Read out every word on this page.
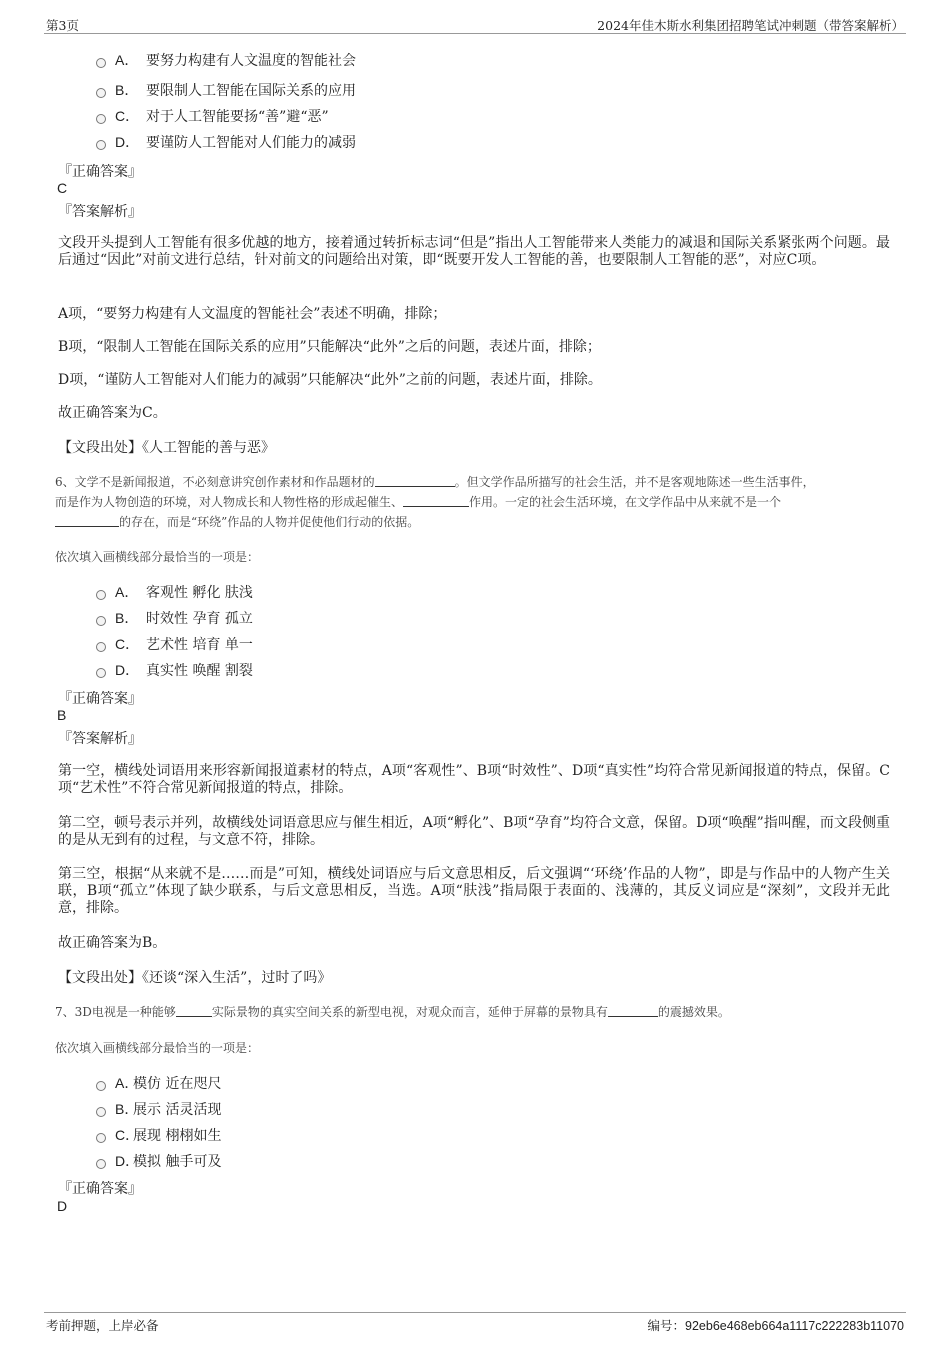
第3页	2024年佳木斯水利集团招聘笔试冲刺题（带答案解析）
A． 要努力构建有人文温度的智能社会
B． 要限制人工智能在国际关系的应用
C． 对于人工智能要扬“善”避“恶”
D． 要谨防人工智能对人们能力的减弱
『正确答案』
C
『答案解析』
文段开头提到人工智能有很多优越的地方，接着通过转折标志词“但是”指出人工智能带来人类能力的减退和国际关系紧张两个问题。最后通过“因此”对前文进行总结，针对前文的问题给出对策，即“既要开发人工智能的善，也要限制人工智能的恶”，对应C项。
A项，“要努力构建有人文温度的智能社会”表述不明确，排除；
B项，“限制人工智能在国际关系的应用”只能解决“此外”之后的问题，表述片面，排除；
D项，“谨防人工智能对人们能力的减弱”只能解决“此外”之前的问题，表述片面，排除。
故正确答案为C。
【文段出处】《人工智能的善与恶》
6、文学不是新闻报道，不必刻意讲究创作素材和作品题材的	。但文学作品所描写的社会生活，并不是客观地陈述一些生活事件，
而是作为人物创造的环境，对人物成长和人物性格的形成起催生、	作用。一定的社会生活环境，在文学作品中从来就不是一个
的存在，而是“环绕”作品的人物并促使他们行动的依据。
依次填入画横线部分最恰当的一项是：
A． 客观性 孵化 肤浅
B． 时效性 孕育 孤立
C． 艺术性 培育 单一
D． 真实性 唤醒 割裂
『正确答案』
B
『答案解析』
第一空，横线处词语用来形容新闻报道素材的特点，A项“客观性”、B项“时效性”、D项“真实性”均符合常见新闻报道的特点，保留。C项“艺术性”不符合常见新闻报道的特点，排除。
第二空，顿号表示并列，故横线处词语意思应与催生相近，A项“孵化”、B项“孕育”均符合文意，保留。D项“唤醒”指叫醒，而文段侧重的是从无到有的过程，与文意不符，排除。
第三空，根据“从来就不是……而是”可知，横线处词语应与后文意思相反，后文强调“‘环绕’作品的人物”，即是与作品中的人物产生关联，B项“孤立”体现了缺少联系，与后文意思相反，当选。A项“肤浅”指局限于表面的、浅薄的，其反义词应是“深刻”，文段并无此意，排除。
故正确答案为B。
【文段出处】《还谈“深入生活”，过时了吗》
7、3D电视是一种能够	实际景物的真实空间关系的新型电视，对观众而言，延伸于屏幕的景物具有	的震撼效果。
依次填入画横线部分最恰当的一项是：
A．模仿 近在咫尺
B．展示 活灵活现
C．展现 栩栩如生
D．模拟 触手可及
『正确答案』
D
考前押题，上岸必备	编号：92eb6e468eb664a1117c222283b11070
